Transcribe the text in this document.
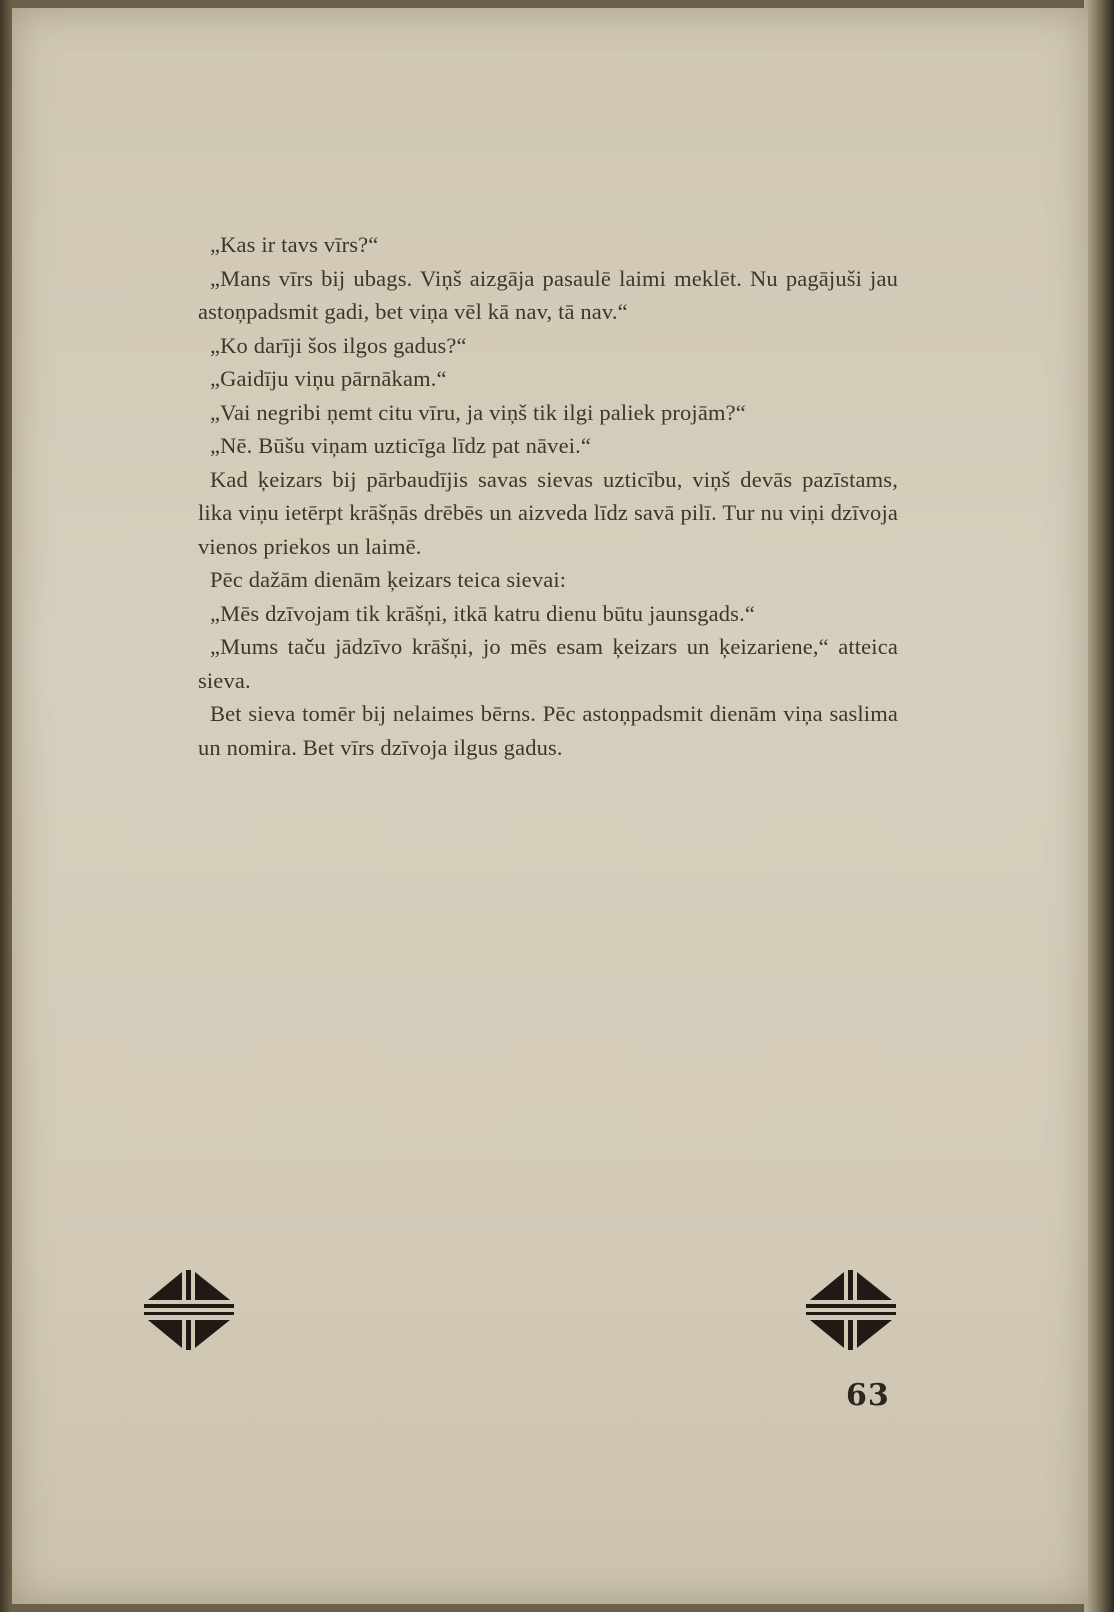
„Kas ir tavs vīrs?“

„Mans vīrs bij ubags. Viņš aizgāja pasaulē laimi meklēt. Nu pagājuši jau astoņpadsmit gadi, bet viņa vēl kā nav, tā nav.“

„Ko darīji šos ilgos gadus?“

„Gaidīju viņu pārnākam.“

„Vai negribi ņemt citu vīru, ja viņš tik ilgi paliek projām?“

„Nē. Būšu viņam uzticīga līdz pat nāvei.“

Kad ķeizars bij pārbaudījis savas sievas uzticību, viņš devās pazīstams, lika viņu ietērpt krāšņās drēbēs un aizveda līdz savā pilī. Tur nu viņi dzīvoja vienos priekos un laimē.

Pēc dažām dienām ķeizars teica sievai:

„Mēs dzīvojam tik krāšņi, itkā katru dienu būtu jaunsgads.“

„Mums taču jādzīvo krāšņi, jo mēs esam ķeizars un ķeizariene,“ atteica sieva.

Bet sieva tomēr bij nelaimes bērns. Pēc astoņpadsmit dienām viņa saslima un nomira. Bet vīrs dzīvoja ilgus gadus.

63
